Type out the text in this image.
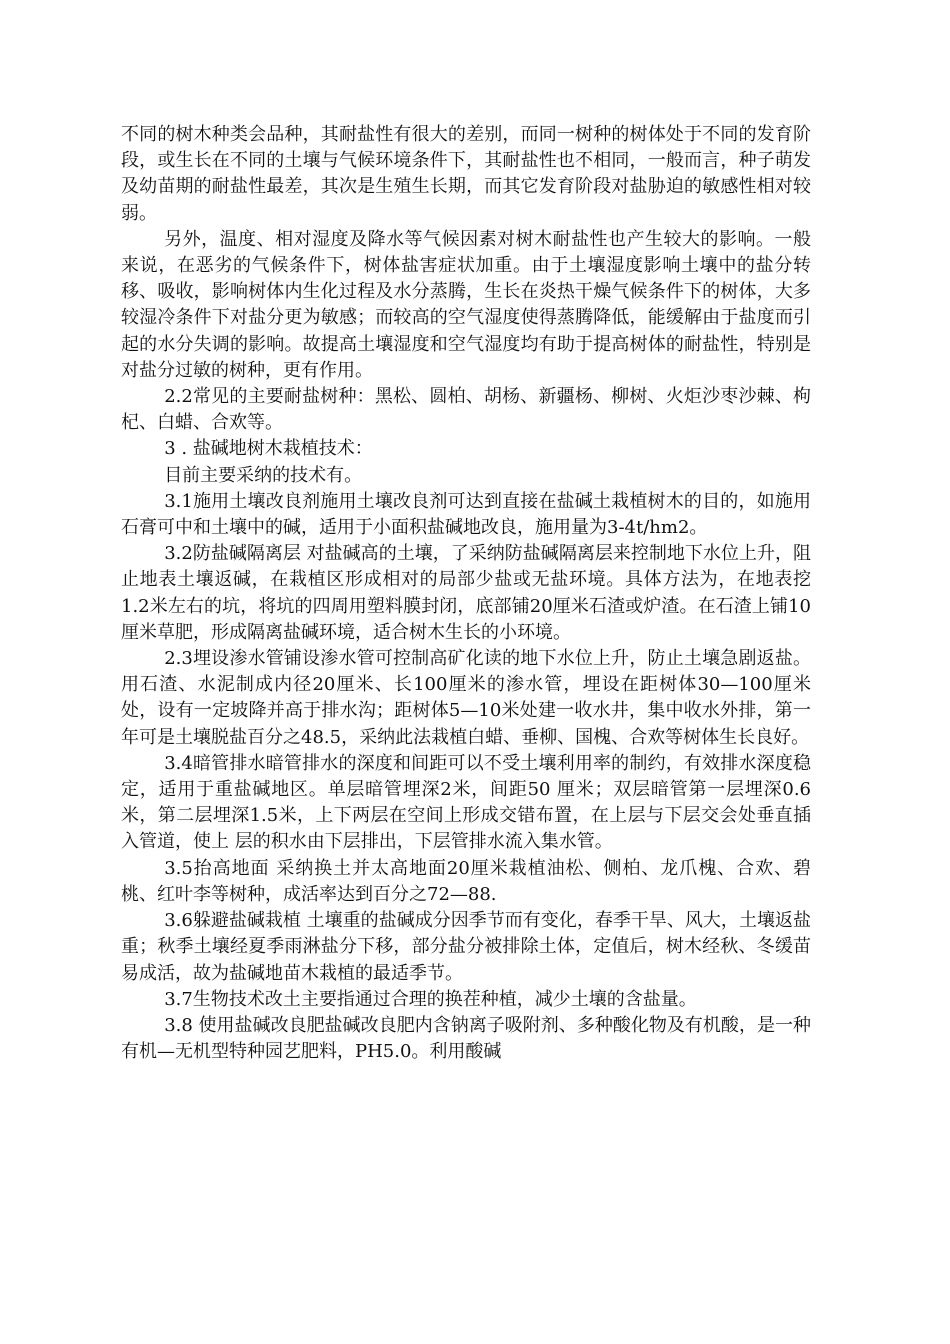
不同的树木种类会品种，其耐盐性有很大的差别，而同一树种的树体处于不同的发育阶段，或生长在不同的土壤与气候环境条件下，其耐盐性也不相同，一般而言，种子萌发及幼苗期的耐盐性最差，其次是生殖生长期，而其它发育阶段对盐胁迫的敏感性相对较弱。

另外，温度、相对湿度及降水等气候因素对树木耐盐性也产生较大的影响。一般来说，在恶劣的气候条件下，树体盐害症状加重。由于土壤湿度影响土壤中的盐分转移、吸收，影响树体内生化过程及水分蒸腾，生长在炎热干燥气候条件下的树体，大多较湿冷条件下对盐分更为敏感；而较高的空气湿度使得蒸腾降低，能缓解由于盐度而引起的水分失调的影响。故提高土壤湿度和空气湿度均有助于提高树体的耐盐性，特别是对盐分过敏的树种，更有作用。

2.2常见的主要耐盐树种：黑松、圆柏、胡杨、新疆杨、柳树、火炬沙枣沙棘、枸杞、白蜡、合欢等。

3 . 盐碱地树木栽植技术：

目前主要采纳的技术有。

3.1施用土壤改良剂施用土壤改良剂可达到直接在盐碱土栽植树木的目的，如施用石膏可中和土壤中的碱，适用于小面积盐碱地改良，施用量为3-4t/hm2。

3.2防盐碱隔离层 对盐碱高的土壤，了采纳防盐碱隔离层来控制地下水位上升，阻止地表土壤返碱，在栽植区形成相对的局部少盐或无盐环境。具体方法为，在地表挖1.2米左右的坑，将坑的四周用塑料膜封闭，底部铺20厘米石渣或炉渣。在石渣上铺10厘米草肥，形成隔离盐碱环境，适合树木生长的小环境。

2.3埋设渗水管铺设渗水管可控制高矿化读的地下水位上升，防止土壤急剧返盐。用石渣、水泥制成内径20厘米、长100厘米的渗水管，埋设在距树体30—100厘米处，设有一定坡降并高于排水沟；距树体5—10米处建一收水井，集中收水外排，第一年可是土壤脱盐百分之48.5，采纳此法栽植白蜡、垂柳、国槐、合欢等树体生长良好。

3.4暗管排水暗管排水的深度和间距可以不受土壤利用率的制约，有效排水深度稳定，适用于重盐碱地区。单层暗管埋深2米，间距50 厘米；双层暗管第一层埋深0.6米，第二层埋深1.5米，上下两层在空间上形成交错布置，在上层与下层交会处垂直插入管道，使上 层的积水由下层排出，下层管排水流入集水管。

3.5抬高地面 采纳换土并太高地面20厘米栽植油松、侧柏、龙爪槐、合欢、碧桃、红叶李等树种，成活率达到百分之72—88.

3.6躲避盐碱栽植 土壤重的盐碱成分因季节而有变化，春季干旱、风大，土壤返盐重；秋季土壤经夏季雨淋盐分下移，部分盐分被排除土体，定值后，树木经秋、冬缓苗易成活，故为盐碱地苗木栽植的最适季节。

3.7生物技术改土主要指通过合理的换茬种植，减少土壤的含盐量。

3.8 使用盐碱改良肥盐碱改良肥内含钠离子吸附剂、多种酸化物及有机酸，是一种有机—无机型特种园艺肥料，PH5.0。利用酸碱
